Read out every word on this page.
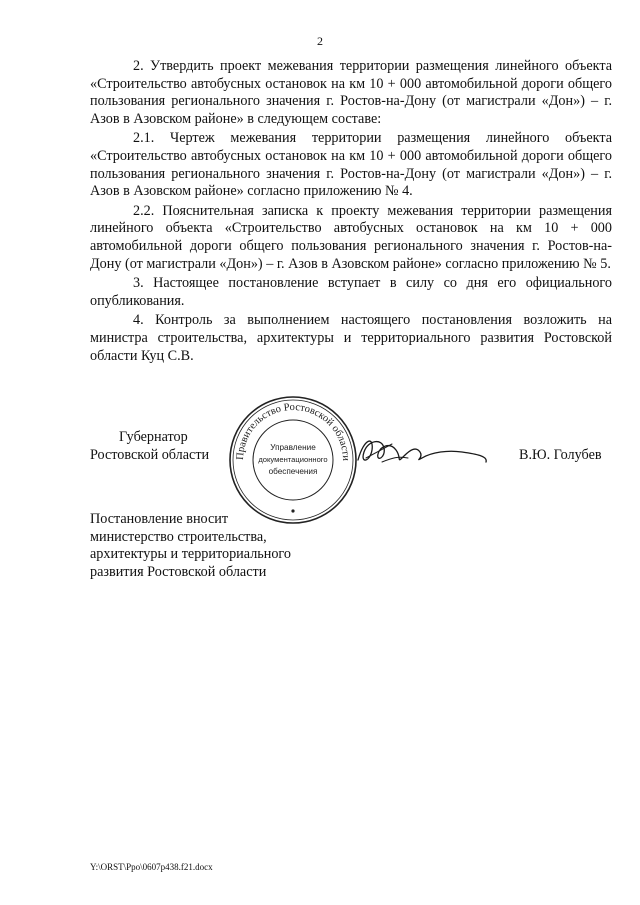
2

2. Утвердить проект межевания территории размещения линейного объекта «Строительство автобусных остановок на км 10 + 000 автомобильной дороги общего пользования регионального значения г. Ростов-на-Дону (от магистрали «Дон») – г. Азов в Азовском районе» в следующем составе:

2.1. Чертеж межевания территории размещения линейного объекта «Строительство автобусных остановок на км 10 + 000 автомобильной дороги общего пользования регионального значения г. Ростов-на-Дону (от магистрали «Дон») – г. Азов в Азовском районе» согласно приложению № 4.

2.2. Пояснительная записка к проекту межевания территории размещения линейного объекта «Строительство автобусных остановок на км 10 + 000 автомобильной дороги общего пользования регионального значения г. Ростов-на-Дону (от магистрали «Дон») – г. Азов в Азовском районе» согласно приложению № 5.

3. Настоящее постановление вступает в силу со дня его официального опубликования.

4. Контроль за выполнением настоящего постановления возложить на министра строительства, архитектуры и территориального развития Ростовской области Куц С.В.

Губернатор
Ростовской области	В.Ю. Голубев
Правительство Ростовской области
Управление
документационного
обеспечения
Постановление вносит
министерство строительства,
архитектуры и территориального
развития Ростовской области
Y:\ORST\Ppo\0607p438.f21.docx
